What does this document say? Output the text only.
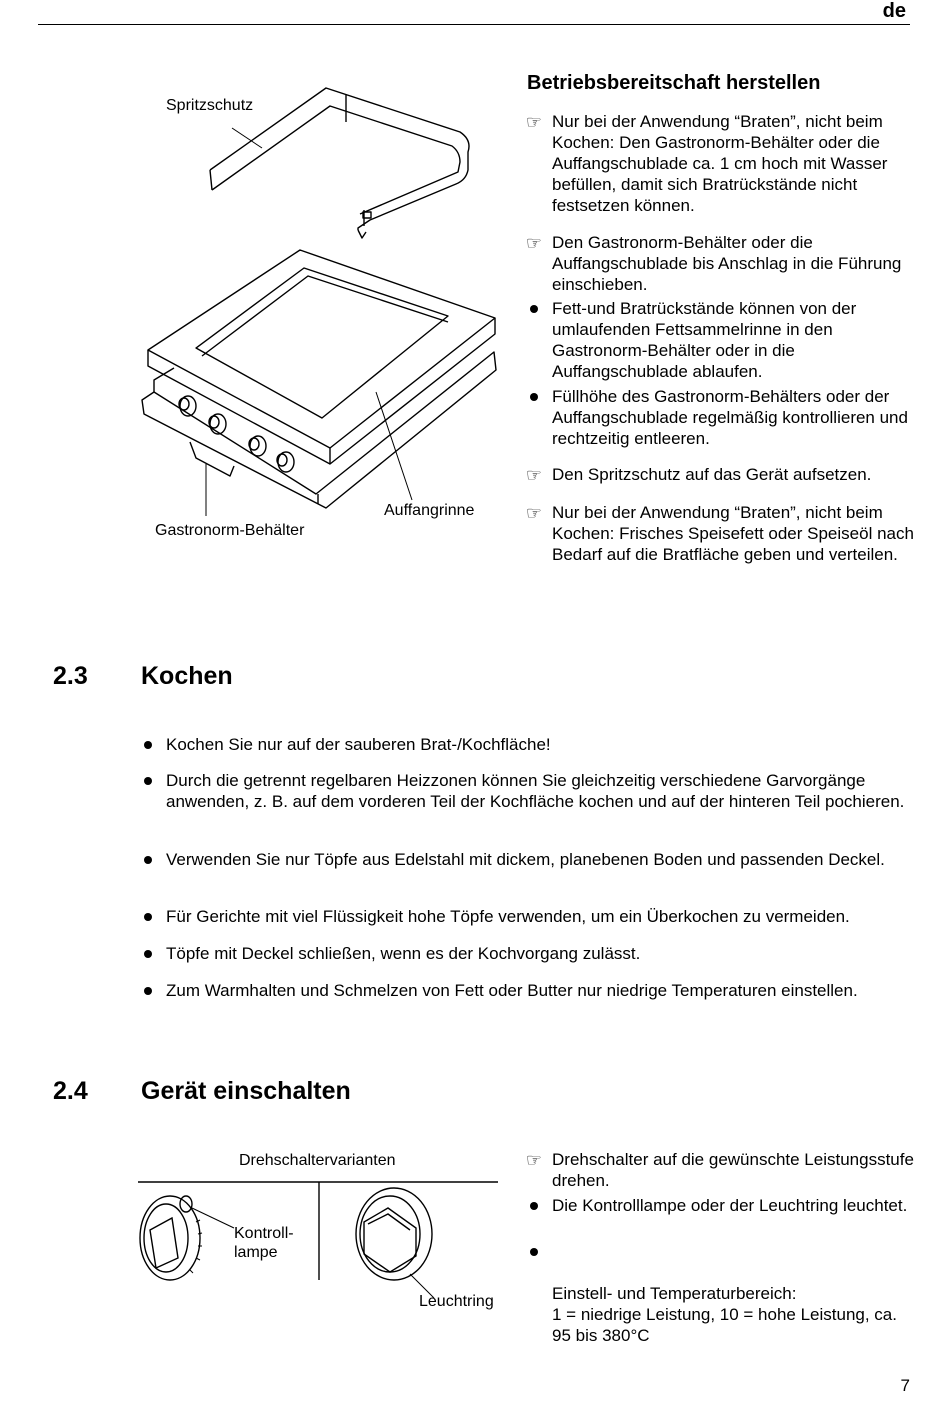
de
Spritzschutz
Gastronorm-Behälter
Auffangrinne
Betriebsbereitschaft herstellen
☞ Nur bei der Anwendung “Braten”, nicht beim Kochen: Den Gastronorm-Behälter oder die Auffangschublade ca. 1 cm hoch mit Wasser befüllen, damit sich Bratrückstände nicht festsetzen können.
☞ Den Gastronorm-Behälter oder die Auffangschublade bis Anschlag in die Führung einschieben.
Fett-und Bratrückstände können von der umlaufenden Fettsammelrinne in den Gastronorm-Behälter oder in die Auffangschublade ablaufen.
Füllhöhe des Gastronorm-Behälters oder der Auffangschublade regelmäßig kontrollieren und rechtzeitig entleeren.
☞ Den Spritzschutz auf das Gerät aufsetzen.
☞ Nur bei der Anwendung “Braten”, nicht beim Kochen: Frisches Speisefett oder Speiseöl nach Bedarf auf die Bratfläche geben und verteilen.
2.3 Kochen
Kochen Sie nur auf der sauberen Brat-/Kochfläche!
Durch die getrennt regelbaren Heizzonen können Sie gleichzeitig verschiedene Garvorgänge anwenden, z. B. auf dem vorderen Teil der Kochfläche kochen und auf der hinteren Teil pochieren.
Verwenden Sie nur Töpfe aus Edelstahl mit dickem, planebenen Boden und passenden Deckel.
Für Gerichte mit viel Flüssigkeit hohe Töpfe verwenden, um ein Überkochen zu vermeiden.
Töpfe mit Deckel schließen, wenn es der Kochvorgang zulässt.
Zum Warmhalten und Schmelzen von Fett oder Butter nur niedrige Temperaturen einstellen.
2.4 Gerät einschalten
Drehschaltervarianten
Kontroll-
lampe
Leuchtring
☞ Drehschalter auf die gewünschte Leistungsstufe drehen.
Die Kontrolllampe oder der Leuchtring leuchtet.

Einstell- und Temperaturbereich:
1 = niedrige Leistung, 10 = hohe Leistung, ca. 95 bis 380°C

7
